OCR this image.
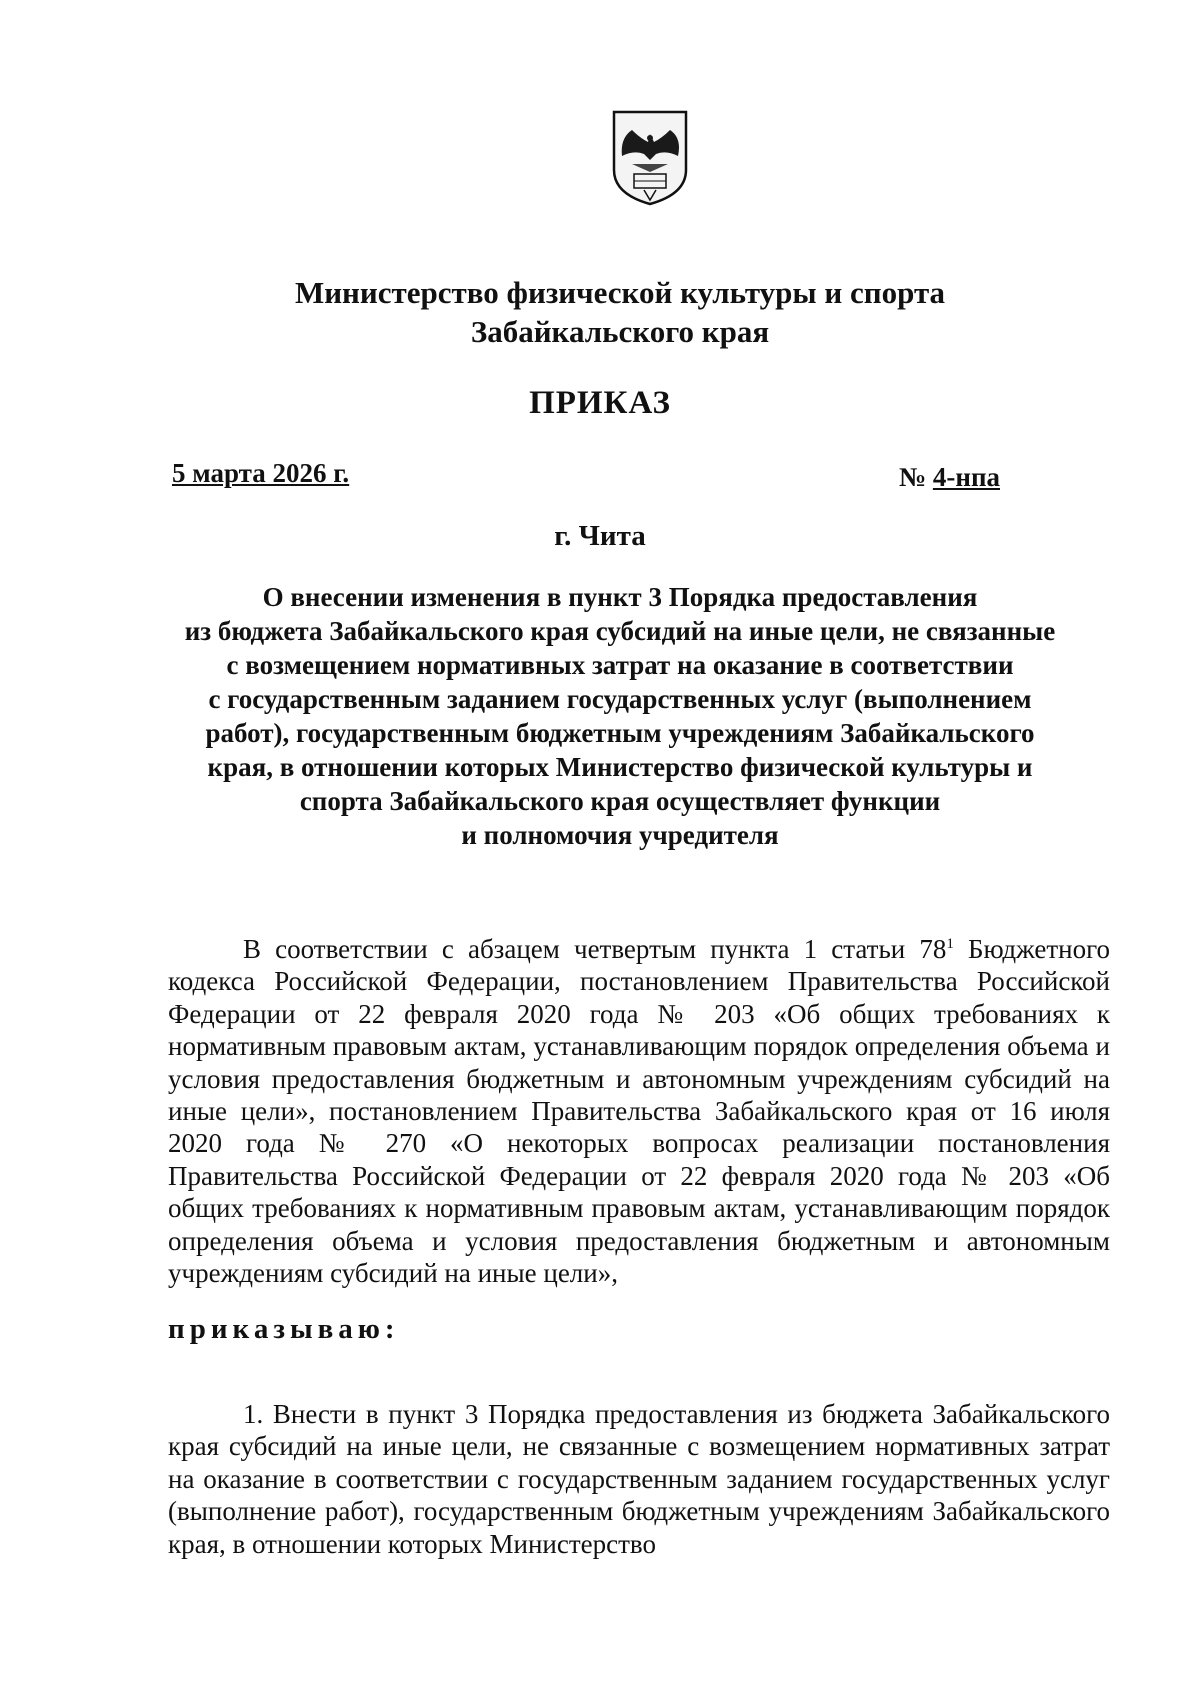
Министерство физической культуры и спорта
Забайкальского края
ПРИКАЗ
5 марта 2026 г.	№ 4-нпа
г. Чита
О внесении изменения в пункт 3 Порядка предоставления
из бюджета Забайкальского края субсидий на иные цели, не связанные
с возмещением нормативных затрат на оказание в соответствии
с государственным заданием государственных услуг (выполнением
работ), государственным бюджетным учреждениям Забайкальского
края, в отношении которых Министерство физической культуры и
спорта Забайкальского края осуществляет функции
и полномочия учредителя
В соответствии с абзацем четвертым пункта 1 статьи $78^1$ Бюджетного кодекса Российской Федерации, постановлением Правительства Российской Федерации от 22 февраля 2020 года № 203 «Об общих требованиях к нормативным правовым актам, устанавливающим порядок определения объема и условия предоставления бюджетным и автономным учреждениям субсидий на иные цели», постановлением Правительства Забайкальского края от 16 июля 2020 года № 270 «О некоторых вопросах реализации постановления Правительства Российской Федерации от 22 февраля 2020 года № 203 «Об общих требованиях к нормативным правовым актам, устанавливающим порядок определения объема и условия предоставления бюджетным и автономным учреждениям субсидий на иные цели»,
приказываю:
1. Внести в пункт 3 Порядка предоставления из бюджета Забайкальского края субсидий на иные цели, не связанные с возмещением нормативных затрат на оказание в соответствии с государственным заданием государственных услуг (выполнение работ), государственным бюджетным учреждениям Забайкальского края, в отношении которых Министерство
